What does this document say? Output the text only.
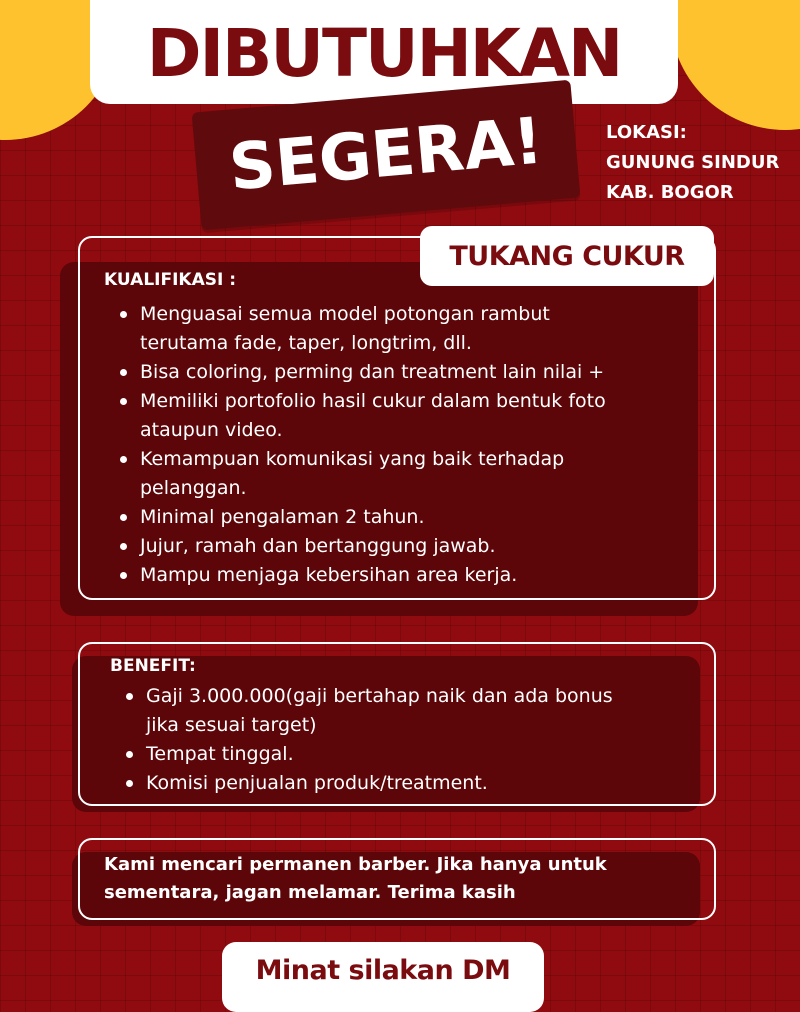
DIBUTUHKAN
SEGERA!	LOKASI:
GUNUNG SINDUR
KAB. BOGOR

KUALIFIKASI :

Menguasai semua model potongan rambut
terutama fade, taper, longtrim, dll.
Bisa coloring, perming dan treatment lain nilai +
Memiliki portofolio hasil cukur dalam bentuk foto
ataupun video.
Kemampuan komunikasi yang baik terhadap
pelanggan.
Minimal pengalaman 2 tahun.
Jujur, ramah dan bertanggung jawab.
Mampu menjaga kebersihan area kerja.
TUKANG CUKUR

BENEFIT:

Gaji 3.000.000(gaji bertahap naik dan ada bonus
jika sesuai target)
Tempat tinggal.
Komisi penjualan produk/treatment.
Kami mencari permanen barber. Jika hanya untuk
sementara, jagan melamar. Terima kasih
Minat silakan DM
